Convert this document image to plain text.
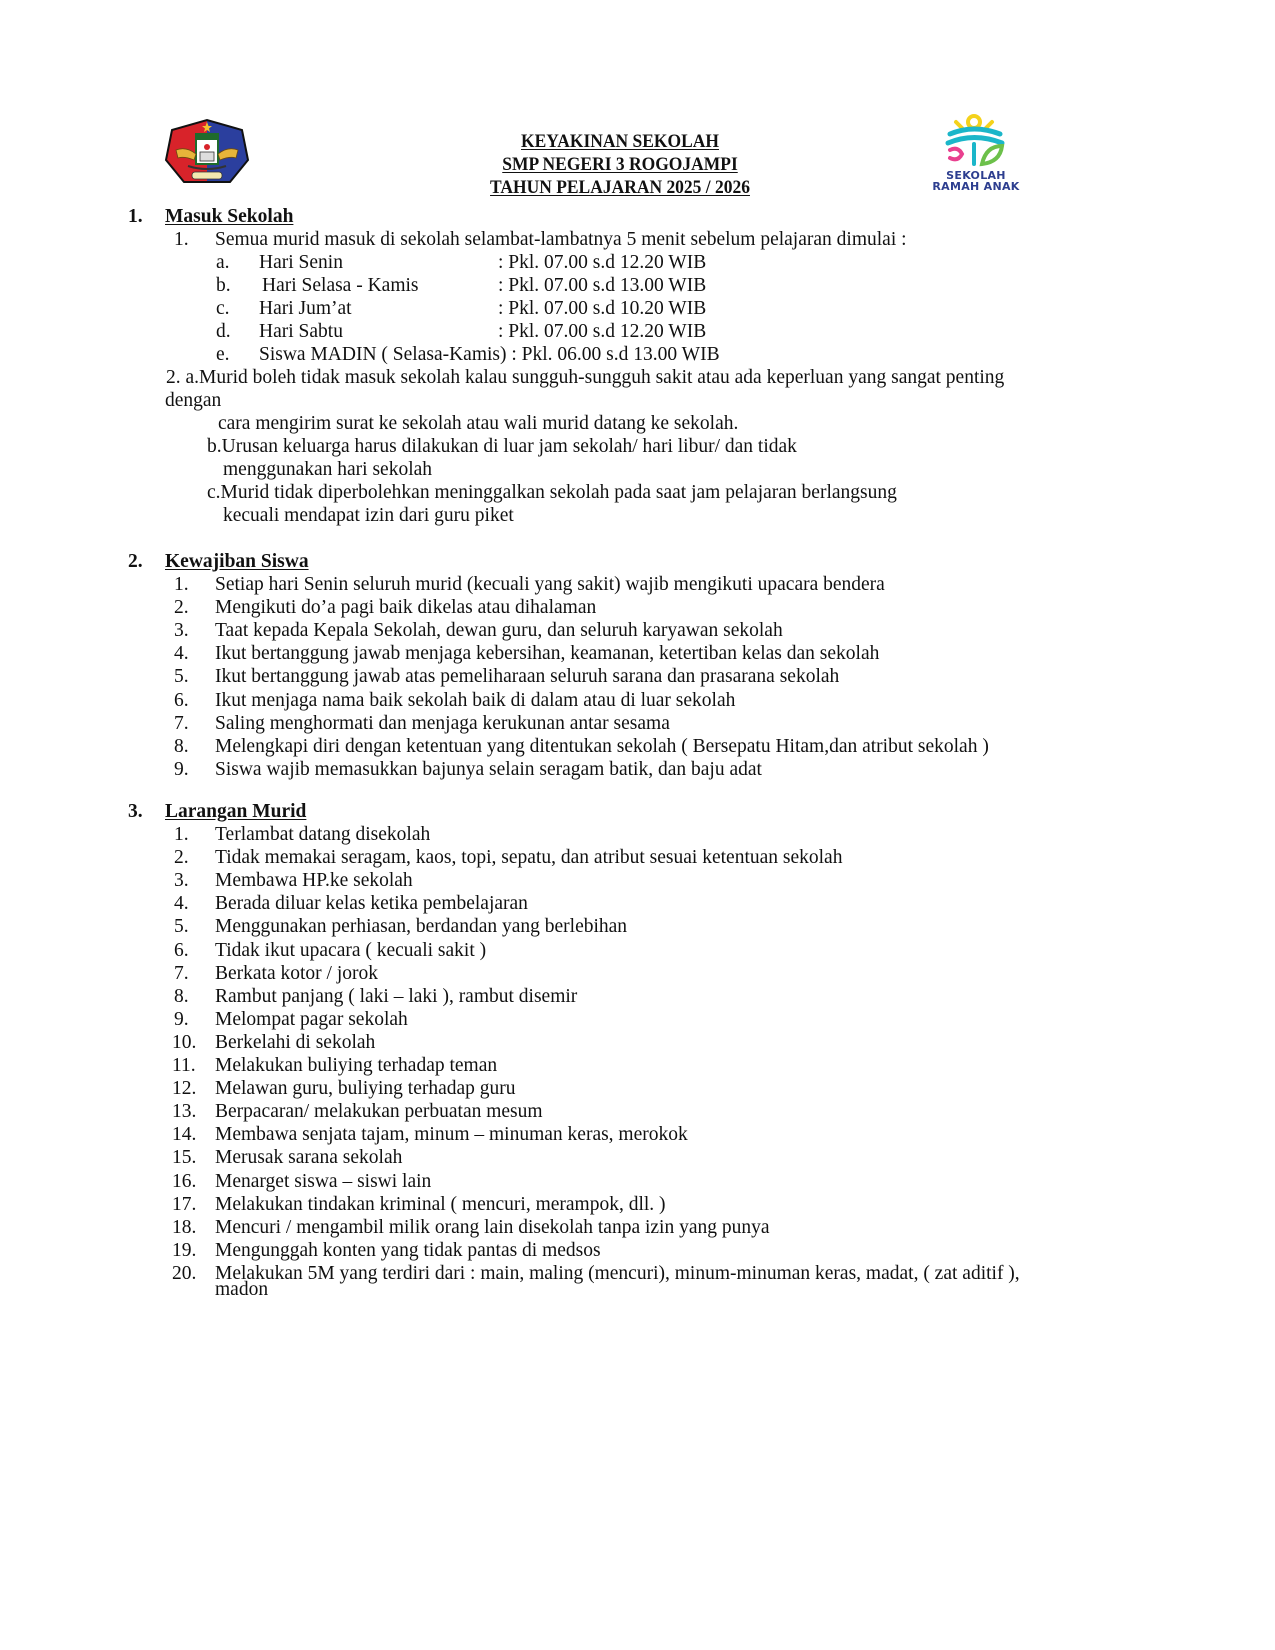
KEYAKINAN SEKOLAH
SMP NEGERI 3 ROGOJAMPI
TAHUN PELAJARAN 2025 / 2026
SEKOLAH
RAMAH ANAK
1. Masuk Sekolah
1. Semua murid masuk di sekolah selambat-lambatnya 5 menit sebelum pelajaran dimulai :
a. Hari Senin	: Pkl. 07.00 s.d 12.20 WIB
b. Hari Selasa - Kamis	: Pkl. 07.00 s.d 13.00 WIB
c. Hari Jum’at	: Pkl. 07.00 s.d 10.20 WIB
d. Hari Sabtu	: Pkl. 07.00 s.d 12.20 WIB
e. Siswa MADIN ( Selasa-Kamis) : Pkl. 06.00 s.d 13.00 WIB
2. a.Murid boleh tidak masuk sekolah kalau sungguh-sungguh sakit atau ada keperluan yang sangat penting
dengan
cara mengirim surat ke sekolah atau wali murid datang ke sekolah.
b.Urusan keluarga harus dilakukan di luar jam sekolah/ hari libur/ dan tidak
menggunakan hari sekolah
c.Murid tidak diperbolehkan meninggalkan sekolah pada saat jam pelajaran berlangsung
kecuali mendapat izin dari guru piket
2. Kewajiban Siswa
1. Setiap hari Senin seluruh murid (kecuali yang sakit) wajib mengikuti upacara bendera
2. Mengikuti do’a pagi baik dikelas atau dihalaman
3. Taat kepada Kepala Sekolah, dewan guru, dan seluruh karyawan sekolah
4. Ikut bertanggung jawab menjaga kebersihan, keamanan, ketertiban kelas dan sekolah
5. Ikut bertanggung jawab atas pemeliharaan seluruh sarana dan prasarana sekolah
6. Ikut menjaga nama baik sekolah baik di dalam atau di luar sekolah
7. Saling menghormati dan menjaga kerukunan antar sesama
8. Melengkapi diri dengan ketentuan yang ditentukan sekolah ( Bersepatu Hitam,dan atribut sekolah )
9. Siswa wajib memasukkan bajunya selain seragam batik, dan baju adat
3. Larangan Murid
1. Terlambat datang disekolah
2. Tidak memakai seragam, kaos, topi, sepatu, dan atribut sesuai ketentuan sekolah
3. Membawa HP.ke sekolah
4. Berada diluar kelas ketika pembelajaran
5. Menggunakan perhiasan, berdandan yang berlebihan
6. Tidak ikut upacara ( kecuali sakit )
7. Berkata kotor / jorok
8. Rambut panjang ( laki – laki ), rambut disemir
9. Melompat pagar sekolah
10. Berkelahi di sekolah
11. Melakukan buliying terhadap teman
12. Melawan guru, buliying terhadap guru
13. Berpacaran/ melakukan perbuatan mesum
14. Membawa senjata tajam, minum – minuman keras, merokok
15. Merusak sarana sekolah
16. Menarget siswa – siswi lain
17. Melakukan tindakan kriminal ( mencuri, merampok, dll. )
18. Mencuri / mengambil milik orang lain disekolah tanpa izin yang punya
19. Mengunggah konten yang tidak pantas di medsos
20. Melakukan 5M yang terdiri dari : main, maling (mencuri), minum-minuman keras, madat, ( zat aditif ),
madon
